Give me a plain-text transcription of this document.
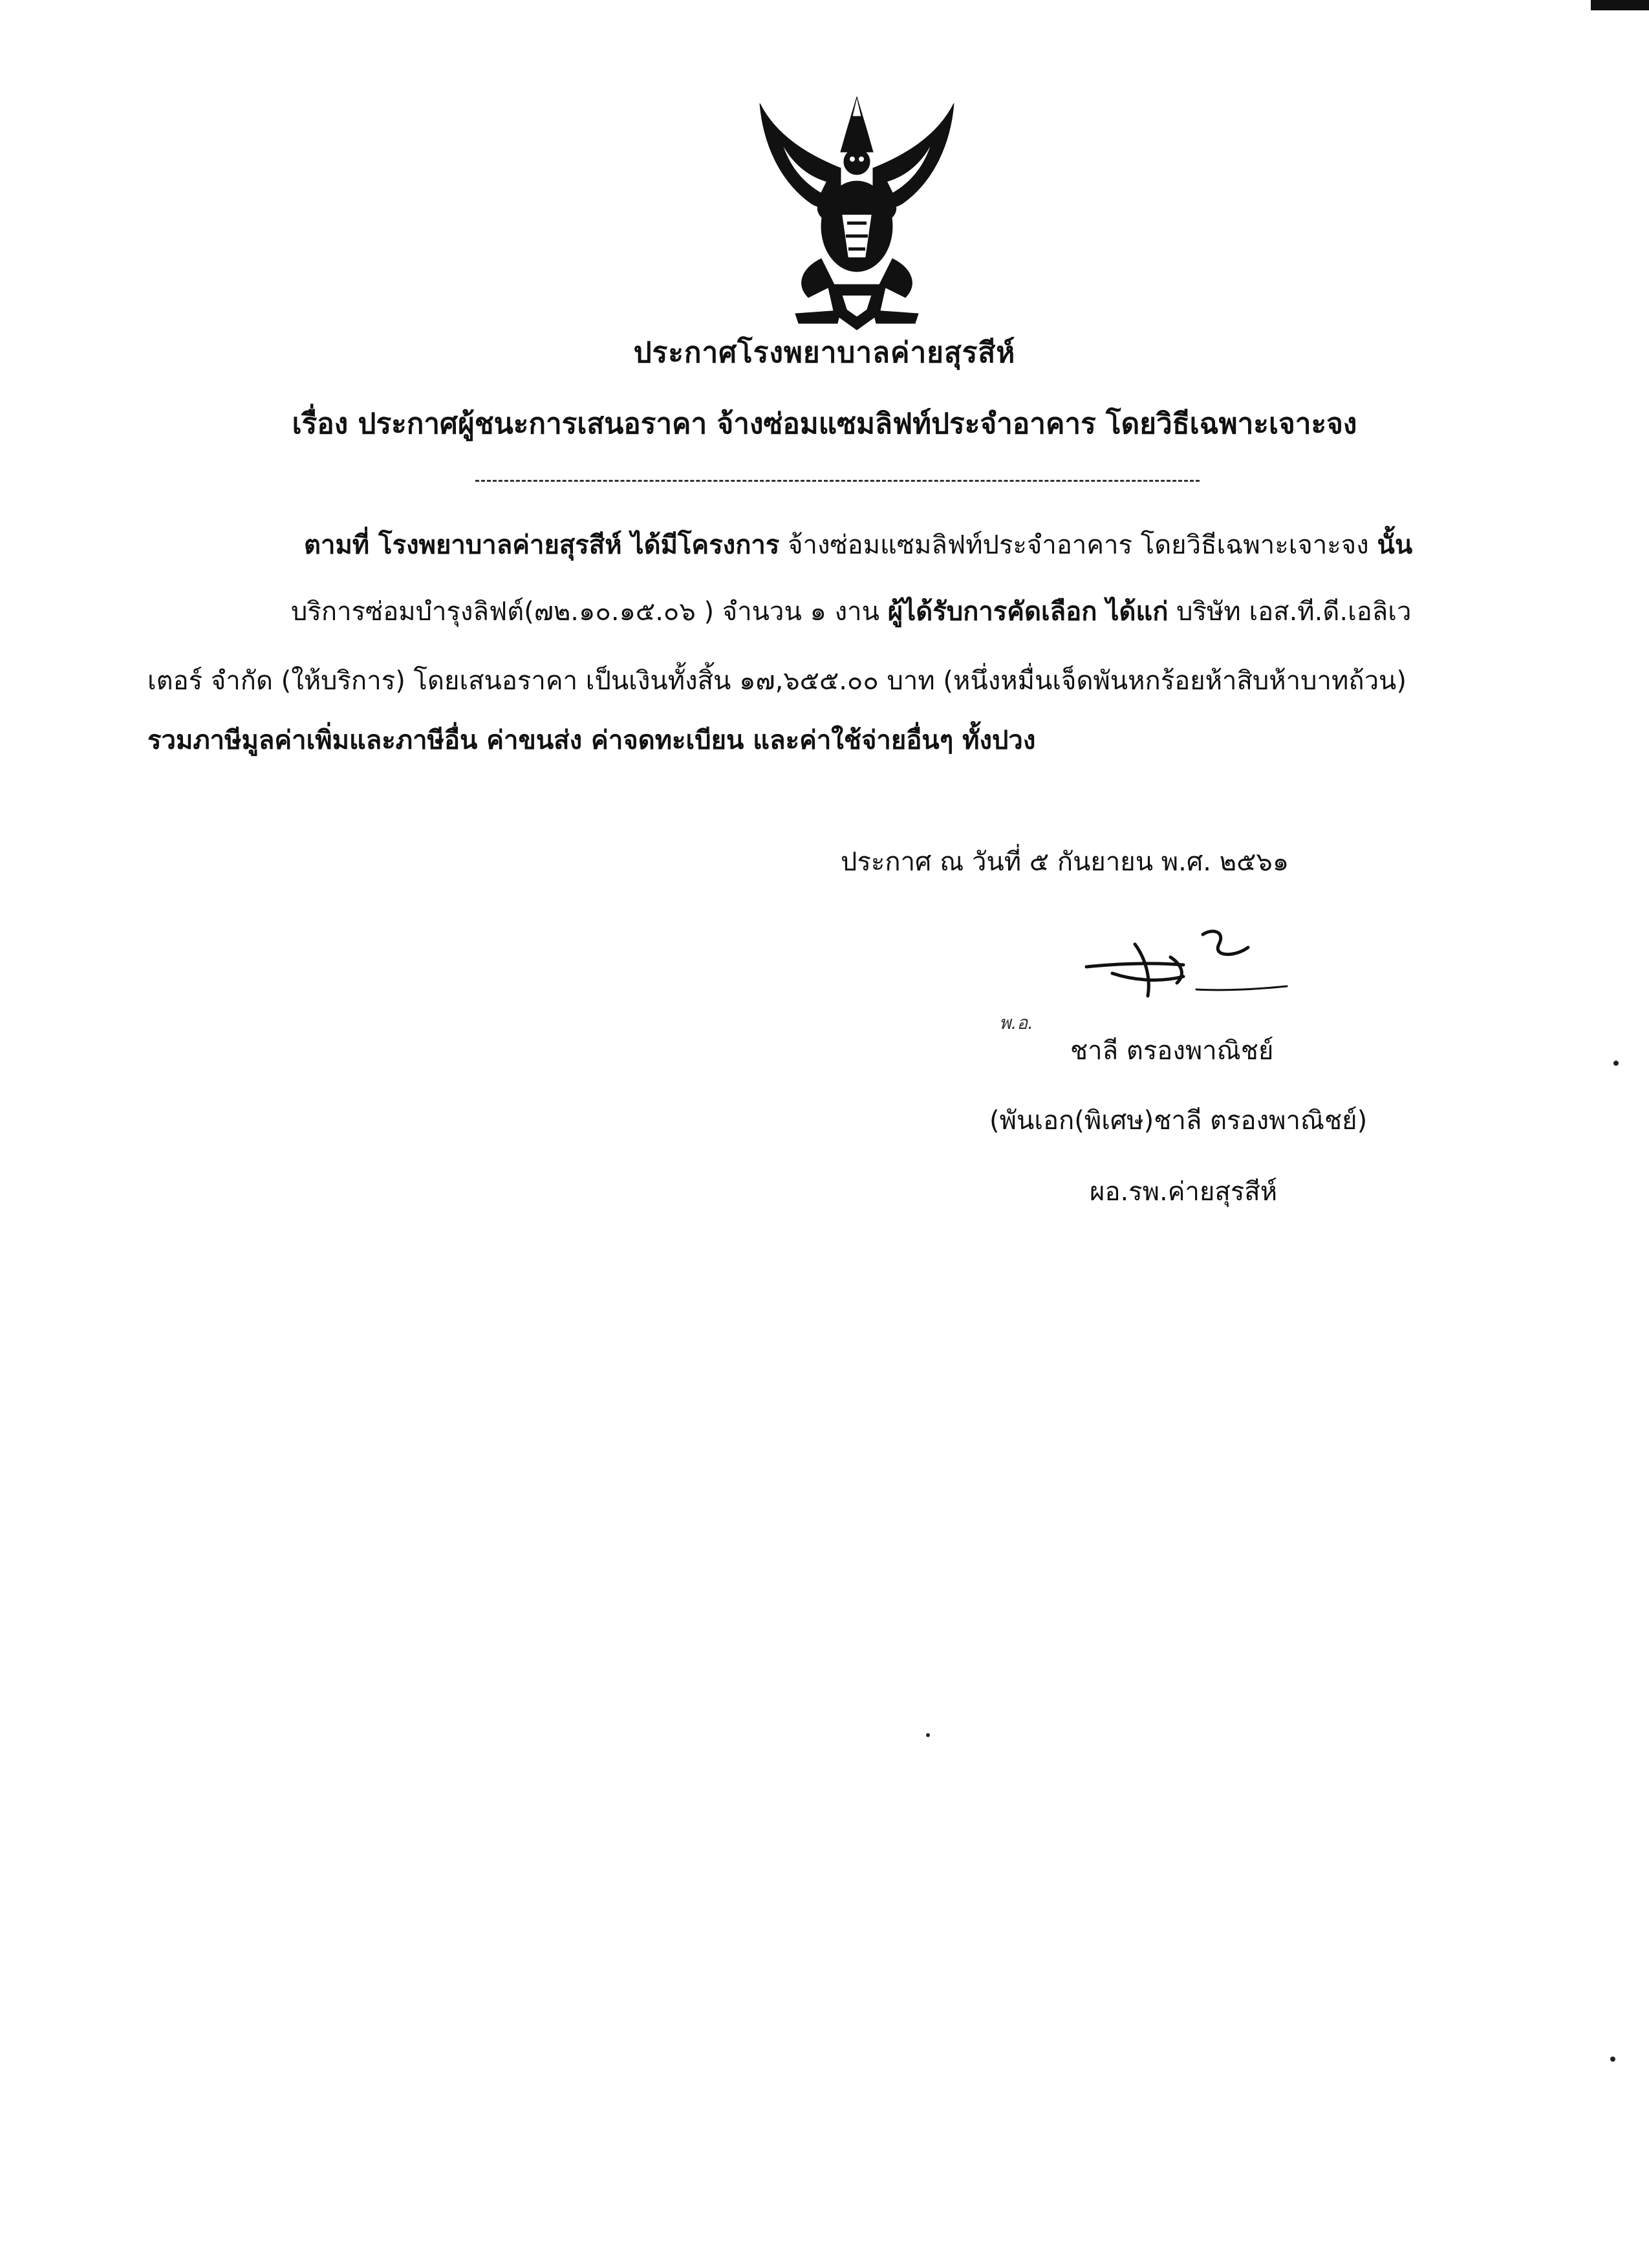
ประกาศโรงพยาบาลค่ายสุรสีห์
เรื่อง ประกาศผู้ชนะการเสนอราคา จ้างซ่อมแซมลิฟท์ประจำอาคาร โดยวิธีเฉพาะเจาะจง
ตามที่ โรงพยาบาลค่ายสุรสีห์ ได้มีโครงการ จ้างซ่อมแซมลิฟท์ประจำอาคาร โดยวิธีเฉพาะเจาะจง นั้น
บริการซ่อมบำรุงลิฟต์(๗๒.๑๐.๑๕.๐๖ ) จำนวน ๑ งาน ผู้ได้รับการคัดเลือก ได้แก่ บริษัท เอส.ที.ดี.เอลิเว
เตอร์ จำกัด (ให้บริการ) โดยเสนอราคา เป็นเงินทั้งสิ้น ๑๗,๖๕๕.๐๐ บาท (หนึ่งหมื่นเจ็ดพันหกร้อยห้าสิบห้าบาทถ้วน)
รวมภาษีมูลค่าเพิ่มและภาษีอื่น ค่าขนส่ง ค่าจดทะเบียน และค่าใช้จ่ายอื่นๆ ทั้งปวง
ประกาศ ณ วันที่ ๕ กันยายน พ.ศ. ๒๕๖๑
พ.อ.
ชาลี ตรองพาณิชย์
(พันเอก(พิเศษ)ชาลี ตรองพาณิชย์)
ผอ.รพ.ค่ายสุรสีห์
